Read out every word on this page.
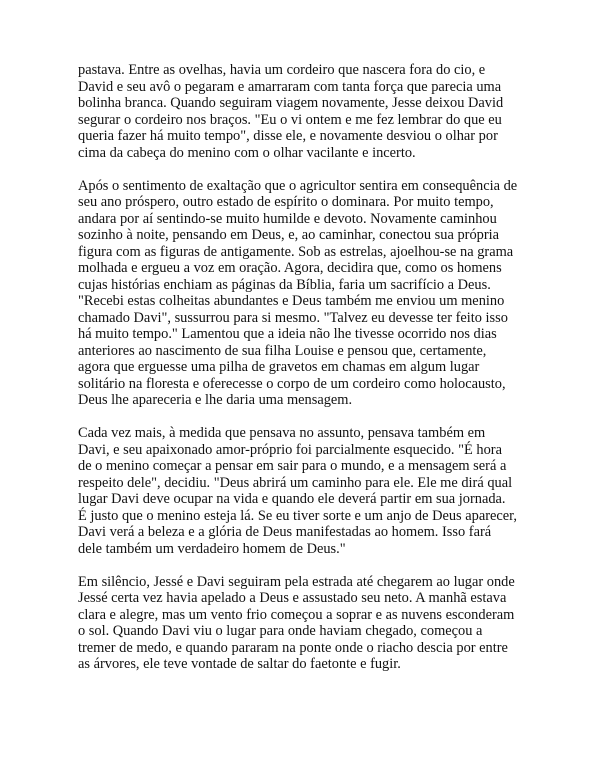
pastava. Entre as ovelhas, havia um cordeiro que nascera fora do cio, e
David e seu avô o pegaram e amarraram com tanta força que parecia uma
bolinha branca. Quando seguiram viagem novamente, Jesse deixou David
segurar o cordeiro nos braços. "Eu o vi ontem e me fez lembrar do que eu
queria fazer há muito tempo", disse ele, e novamente desviou o olhar por
cima da cabeça do menino com o olhar vacilante e incerto.
Após o sentimento de exaltação que o agricultor sentira em consequência de
seu ano próspero, outro estado de espírito o dominara. Por muito tempo,
andara por aí sentindo-se muito humilde e devoto. Novamente caminhou
sozinho à noite, pensando em Deus, e, ao caminhar, conectou sua própria
figura com as figuras de antigamente. Sob as estrelas, ajoelhou-se na grama
molhada e ergueu a voz em oração. Agora, decidira que, como os homens
cujas histórias enchiam as páginas da Bíblia, faria um sacrifício a Deus.
"Recebi estas colheitas abundantes e Deus também me enviou um menino
chamado Davi", sussurrou para si mesmo. "Talvez eu devesse ter feito isso
há muito tempo." Lamentou que a ideia não lhe tivesse ocorrido nos dias
anteriores ao nascimento de sua filha Louise e pensou que, certamente,
agora que erguesse uma pilha de gravetos em chamas em algum lugar
solitário na floresta e oferecesse o corpo de um cordeiro como holocausto,
Deus lhe apareceria e lhe daria uma mensagem.
Cada vez mais, à medida que pensava no assunto, pensava também em
Davi, e seu apaixonado amor-próprio foi parcialmente esquecido. "É hora
de o menino começar a pensar em sair para o mundo, e a mensagem será a
respeito dele", decidiu. "Deus abrirá um caminho para ele. Ele me dirá qual
lugar Davi deve ocupar na vida e quando ele deverá partir em sua jornada.
É justo que o menino esteja lá. Se eu tiver sorte e um anjo de Deus aparecer,
Davi verá a beleza e a glória de Deus manifestadas ao homem. Isso fará
dele também um verdadeiro homem de Deus."
Em silêncio, Jessé e Davi seguiram pela estrada até chegarem ao lugar onde
Jessé certa vez havia apelado a Deus e assustado seu neto. A manhã estava
clara e alegre, mas um vento frio começou a soprar e as nuvens esconderam
o sol. Quando Davi viu o lugar para onde haviam chegado, começou a
tremer de medo, e quando pararam na ponte onde o riacho descia por entre
as árvores, ele teve vontade de saltar do faetonte e fugir.
